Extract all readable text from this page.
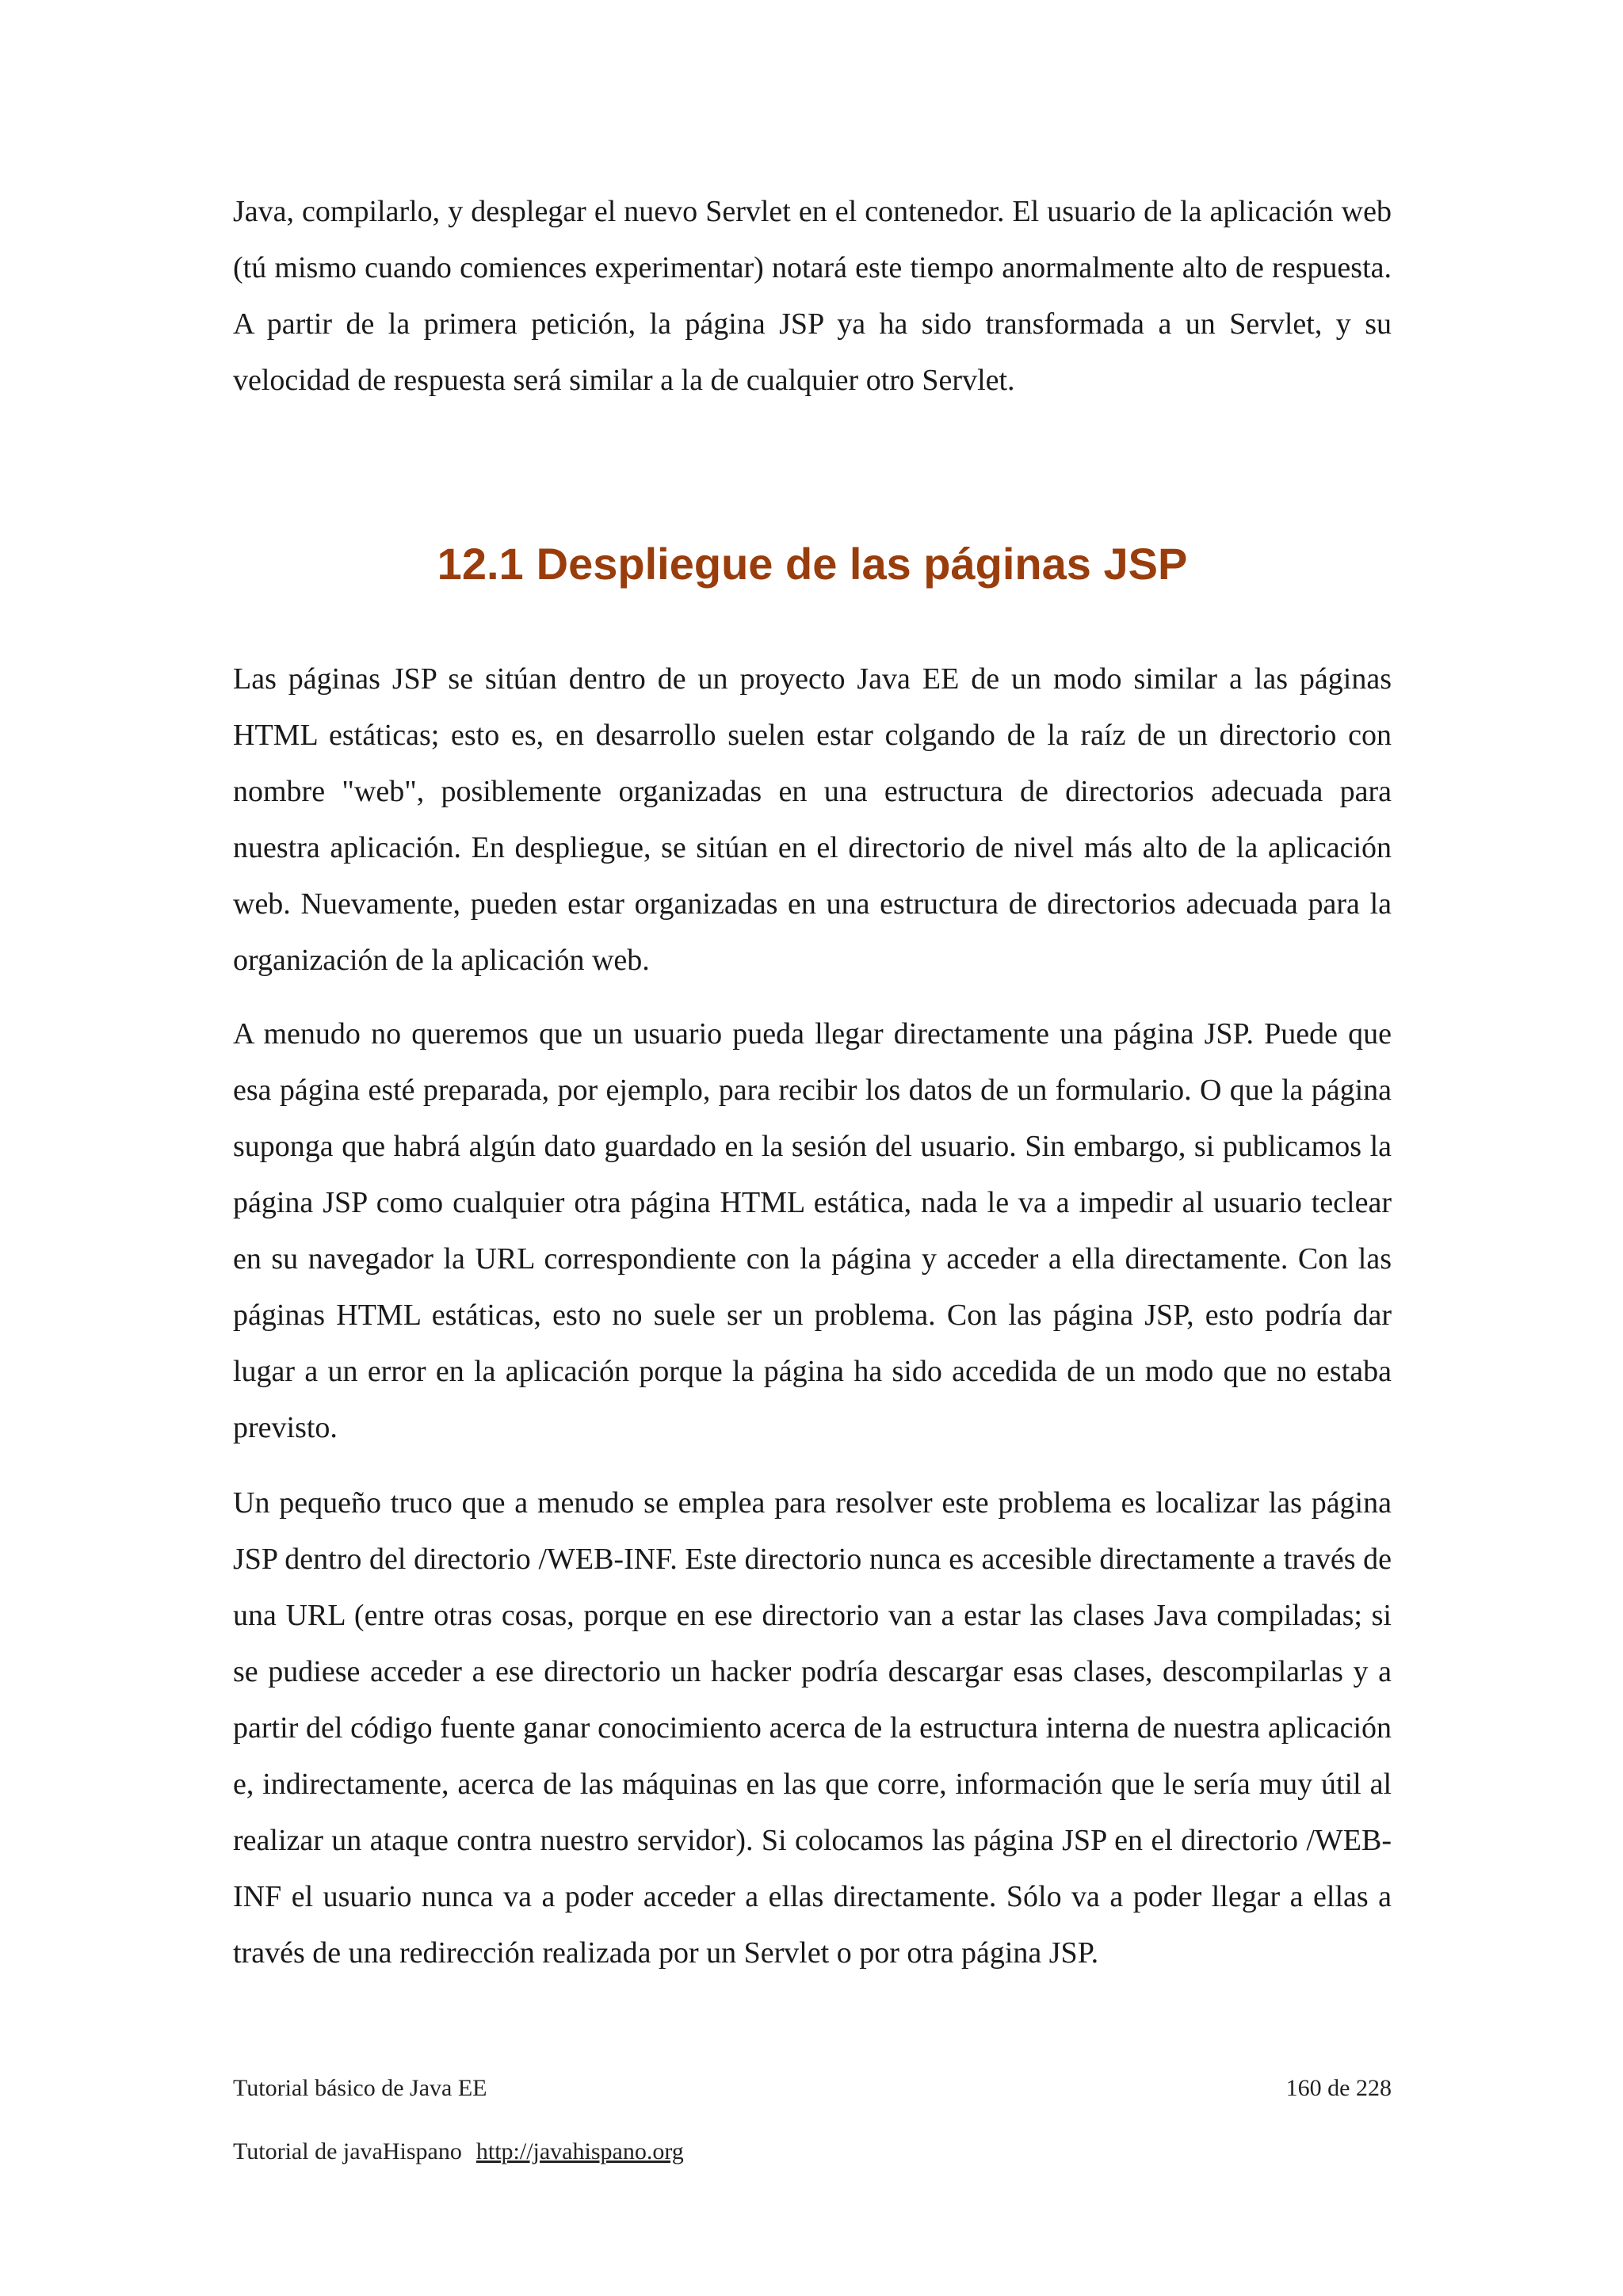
Java, compilarlo, y desplegar el nuevo Servlet en el contenedor. El usuario de la aplicación web (tú mismo cuando comiences experimentar) notará este tiempo anormalmente alto de respuesta. A partir de la primera petición, la página JSP ya ha sido transformada a un Servlet, y su velocidad de respuesta será similar a la de cualquier otro Servlet.

12.1 Despliegue de las páginas JSP

Las páginas JSP se sitúan dentro de un proyecto Java EE de un modo similar a las páginas HTML estáticas; esto es, en desarrollo suelen estar colgando de la raíz de un directorio con nombre "web", posiblemente organizadas en una estructura de directorios adecuada para nuestra aplicación. En despliegue, se sitúan en el directorio de nivel más alto de la aplicación web. Nuevamente, pueden estar organizadas en una estructura de directorios adecuada para la organización de la aplicación web.

A menudo no queremos que un usuario pueda llegar directamente una página JSP. Puede que esa página esté preparada, por ejemplo, para recibir los datos de un formulario. O que la página suponga que habrá algún dato guardado en la sesión del usuario. Sin embargo, si publicamos la página JSP como cualquier otra página HTML estática, nada le va a impedir al usuario teclear en su navegador la URL correspondiente con la página y acceder a ella directamente. Con las páginas HTML estáticas, esto no suele ser un problema. Con las página JSP, esto podría dar lugar a un error en la aplicación porque la página ha sido accedida de un modo que no estaba previsto.

Un pequeño truco que a menudo se emplea para resolver este problema es localizar las página JSP dentro del directorio /WEB-INF. Este directorio nunca es accesible directamente a través de una URL (entre otras cosas, porque en ese directorio van a estar las clases Java compiladas; si se pudiese acceder a ese directorio un hacker podría descargar esas clases, descompilarlas y a partir del código fuente ganar conocimiento acerca de la estructura interna de nuestra aplicación e, indirectamente, acerca de las máquinas en las que corre, información que le sería muy útil al realizar un ataque contra nuestro servidor). Si colocamos las página JSP en el directorio /WEB-INF el usuario nunca va a poder acceder a ellas directamente. Sólo va a poder llegar a ellas a través de una redirección realizada por un Servlet o por otra página JSP.

Tutorial básico de Java EE	160 de 228
Tutorial de javaHispano http://javahispano.org
